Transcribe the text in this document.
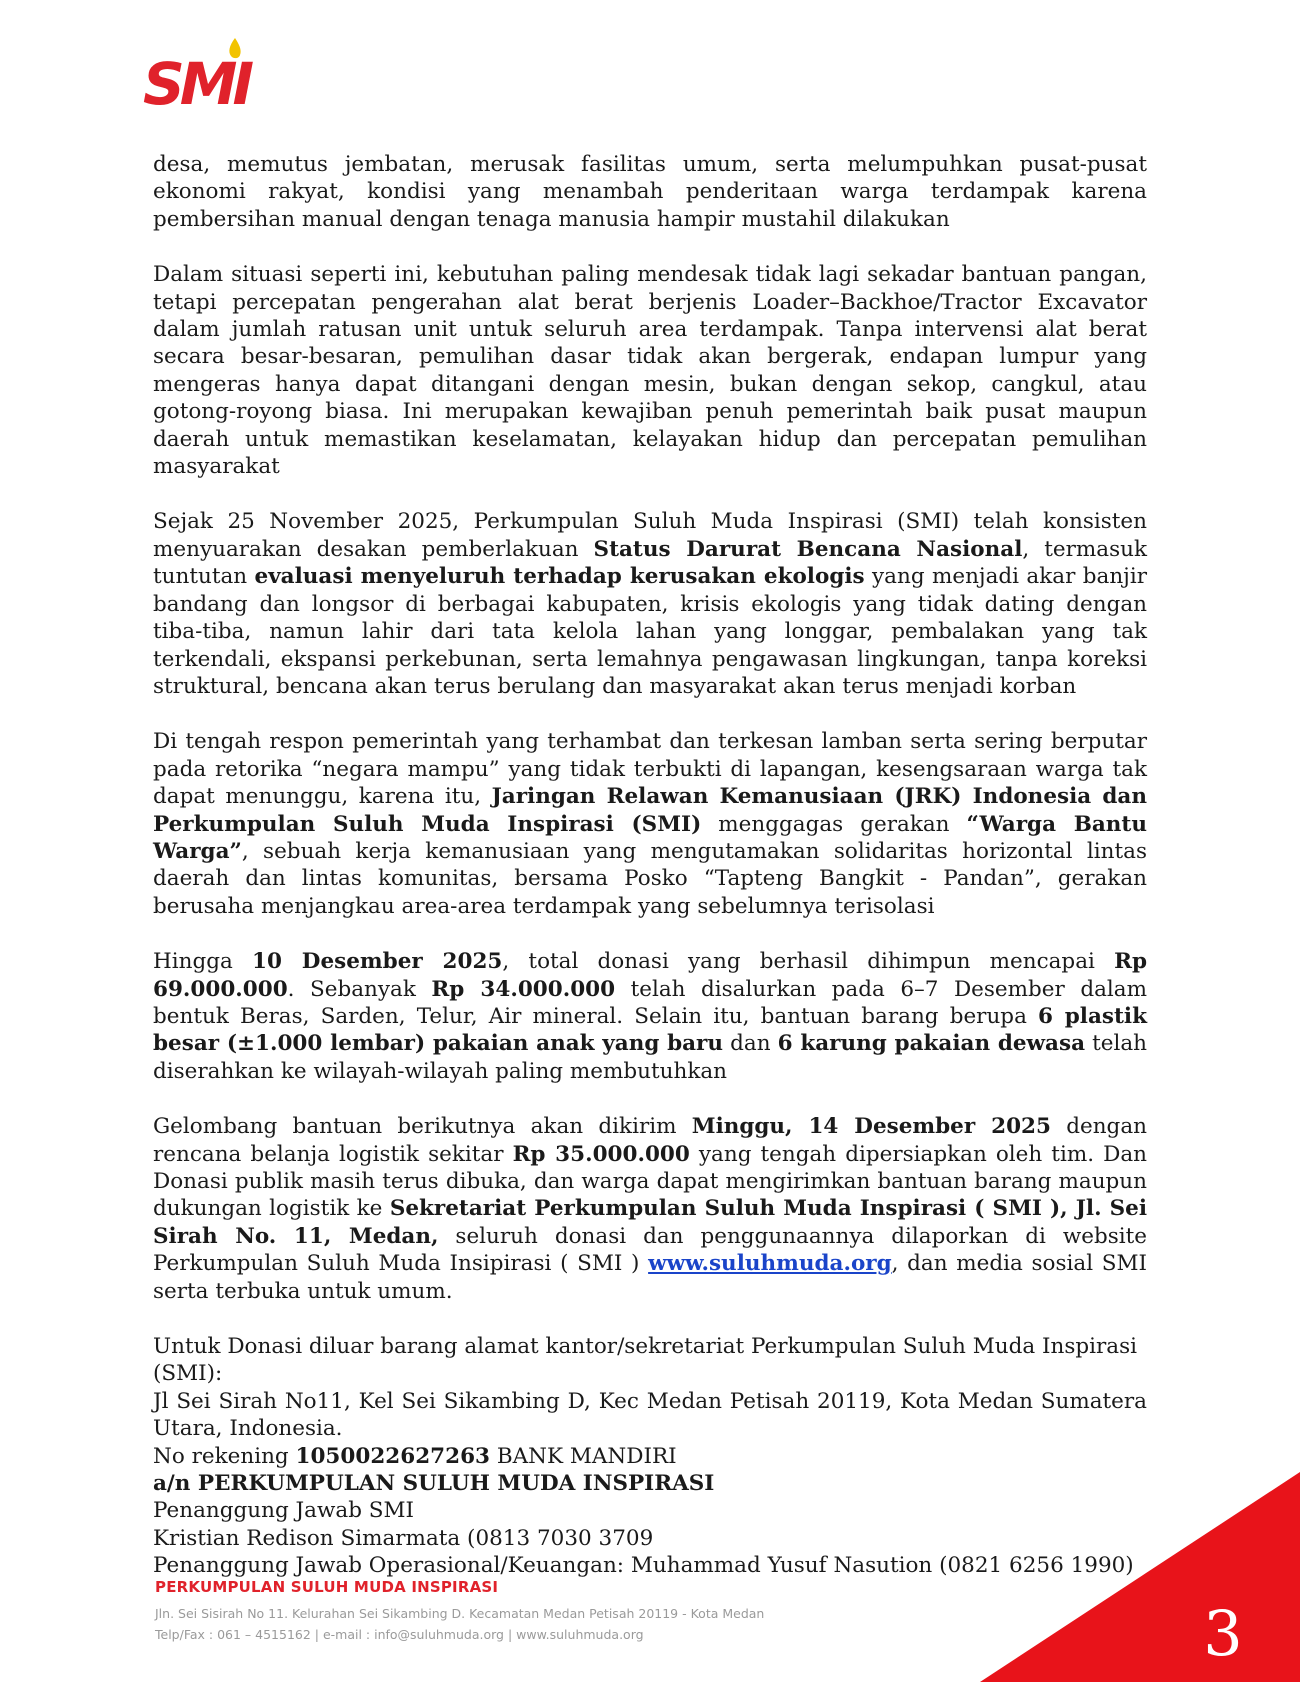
SMI

desa, memutus jembatan, merusak fasilitas umum, serta melumpuhkan pusat-pusat ekonomi rakyat, kondisi yang menambah penderitaan warga terdampak karena pembersihan manual dengan tenaga manusia hampir mustahil dilakukan

Dalam situasi seperti ini, kebutuhan paling mendesak tidak lagi sekadar bantuan pangan, tetapi percepatan pengerahan alat berat berjenis Loader–Backhoe/Tractor Excavator dalam jumlah ratusan unit untuk seluruh area terdampak. Tanpa intervensi alat berat secara besar-besaran, pemulihan dasar tidak akan bergerak, endapan lumpur yang mengeras hanya dapat ditangani dengan mesin, bukan dengan sekop, cangkul, atau gotong-royong biasa. Ini merupakan kewajiban penuh pemerintah baik pusat maupun daerah untuk memastikan keselamatan, kelayakan hidup dan percepatan pemulihan masyarakat

Sejak 25 November 2025, Perkumpulan Suluh Muda Inspirasi (SMI) telah konsisten menyuarakan desakan pemberlakuan Status Darurat Bencana Nasional, termasuk tuntutan evaluasi menyeluruh terhadap kerusakan ekologis yang menjadi akar banjir bandang dan longsor di berbagai kabupaten, krisis ekologis yang tidak dating dengan tiba-tiba, namun lahir dari tata kelola lahan yang longgar, pembalakan yang tak terkendali, ekspansi perkebunan, serta lemahnya pengawasan lingkungan, tanpa koreksi struktural, bencana akan terus berulang dan masyarakat akan terus menjadi korban

Di tengah respon pemerintah yang terhambat dan terkesan lamban serta sering berputar pada retorika “negara mampu” yang tidak terbukti di lapangan, kesengsaraan warga tak dapat menunggu, karena itu, Jaringan Relawan Kemanusiaan (JRK) Indonesia dan Perkumpulan Suluh Muda Inspirasi (SMI) menggagas gerakan “Warga Bantu Warga”, sebuah kerja kemanusiaan yang mengutamakan solidaritas horizontal lintas daerah dan lintas komunitas, bersama Posko “Tapteng Bangkit - Pandan”, gerakan berusaha menjangkau area-area terdampak yang sebelumnya terisolasi

Hingga 10 Desember 2025, total donasi yang berhasil dihimpun mencapai Rp 69.000.000. Sebanyak Rp 34.000.000 telah disalurkan pada 6–7 Desember dalam bentuk Beras, Sarden, Telur, Air mineral. Selain itu, bantuan barang berupa 6 plastik besar (±1.000 lembar) pakaian anak yang baru dan 6 karung pakaian dewasa telah diserahkan ke wilayah-wilayah paling membutuhkan

Gelombang bantuan berikutnya akan dikirim Minggu, 14 Desember 2025 dengan rencana belanja logistik sekitar Rp 35.000.000 yang tengah dipersiapkan oleh tim. Dan Donasi publik masih terus dibuka, dan warga dapat mengirimkan bantuan barang maupun dukungan logistik ke Sekretariat Perkumpulan Suluh Muda Inspirasi ( SMI ), Jl. Sei Sirah No. 11, Medan, seluruh donasi dan penggunaannya dilaporkan di website Perkumpulan Suluh Muda Insipirasi ( SMI ) www.suluhmuda.org, dan media sosial SMI serta terbuka untuk umum.

Untuk Donasi diluar barang alamat kantor/sekretariat Perkumpulan Suluh Muda Inspirasi (SMI):
Jl Sei Sirah No11, Kel Sei Sikambing D, Kec Medan Petisah 20119, Kota Medan Sumatera Utara, Indonesia.
No rekening 1050022627263 BANK MANDIRI
a/n PERKUMPULAN SULUH MUDA INSPIRASI
Penanggung Jawab SMI
Kristian Redison Simarmata (0813 7030 3709
Penanggung Jawab Operasional/Keuangan: Muhammad Yusuf Nasution (0821 6256 1990)

PERKUMPULAN SULUH MUDA INSPIRASI
Jln. Sei Sisirah No 11. Kelurahan Sei Sikambing D. Kecamatan Medan Petisah 20119 - Kota Medan
Telp/Fax : 061 – 4515162 | e-mail : info@suluhmuda.org | www.suluhmuda.org	3
